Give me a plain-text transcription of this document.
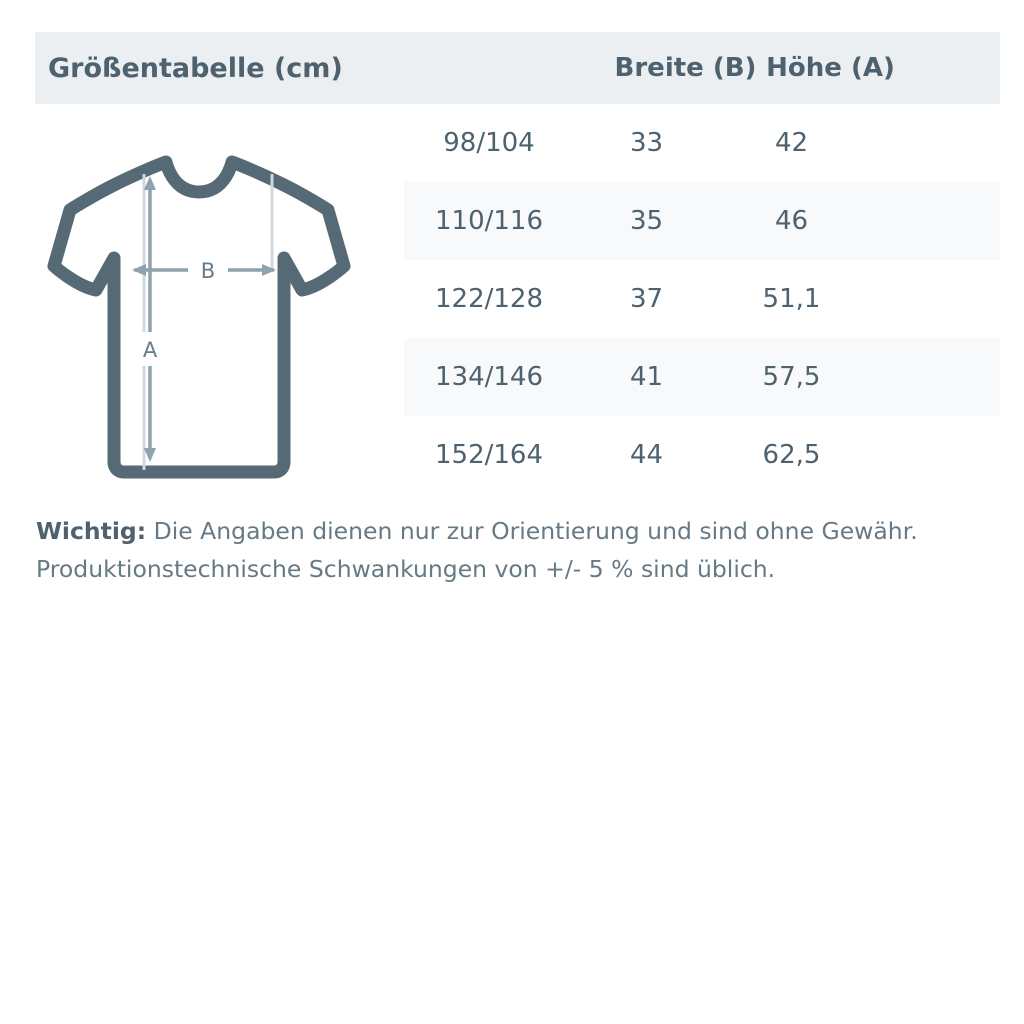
Größentabelle (cm)	Breite (B) Höhe (A)
B
A
98/104	33	42
110/116	35	46
122/128	37	51,1
134/146	41	57,5
152/164	44	62,5
Wichtig: Die Angaben dienen nur zur Orientierung und sind ohne Gewähr.
Produktionstechnische Schwankungen von +/- 5 % sind üblich.
